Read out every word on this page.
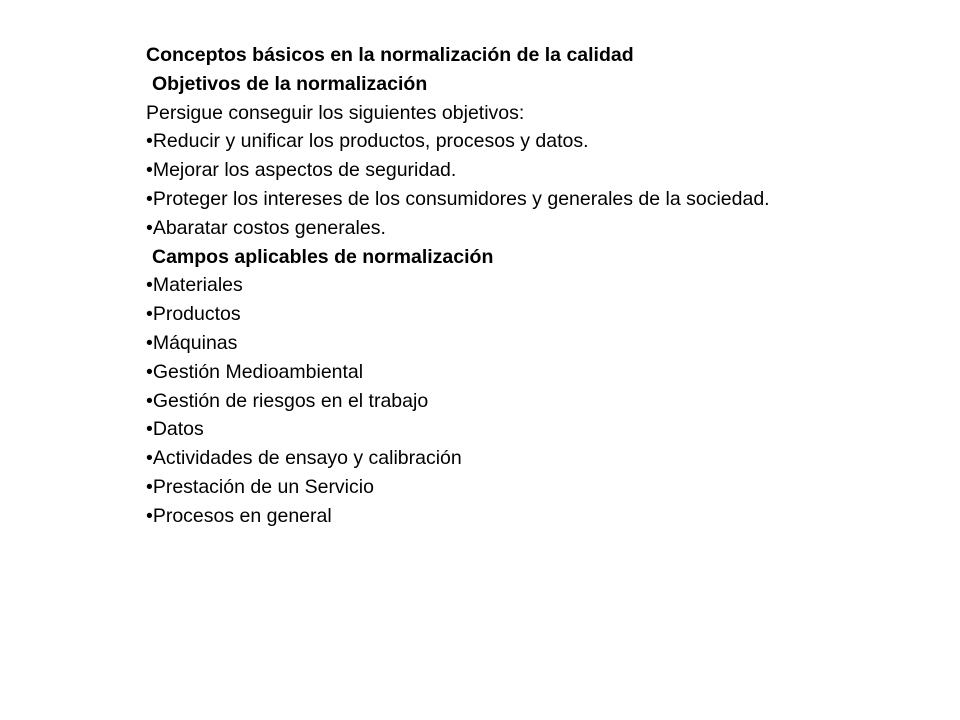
Conceptos básicos en la normalización de la calidad
Objetivos de la normalización
Persigue conseguir los siguientes objetivos:
•Reducir y unificar los productos, procesos y datos.
•Mejorar los aspectos de seguridad.
•Proteger los intereses de los consumidores y generales de la sociedad.
•Abaratar costos generales.
Campos aplicables de normalización
•Materiales
•Productos
•Máquinas
•Gestión Medioambiental
•Gestión de riesgos en el trabajo
•Datos
•Actividades de ensayo y calibración
•Prestación de un Servicio
•Procesos en general
